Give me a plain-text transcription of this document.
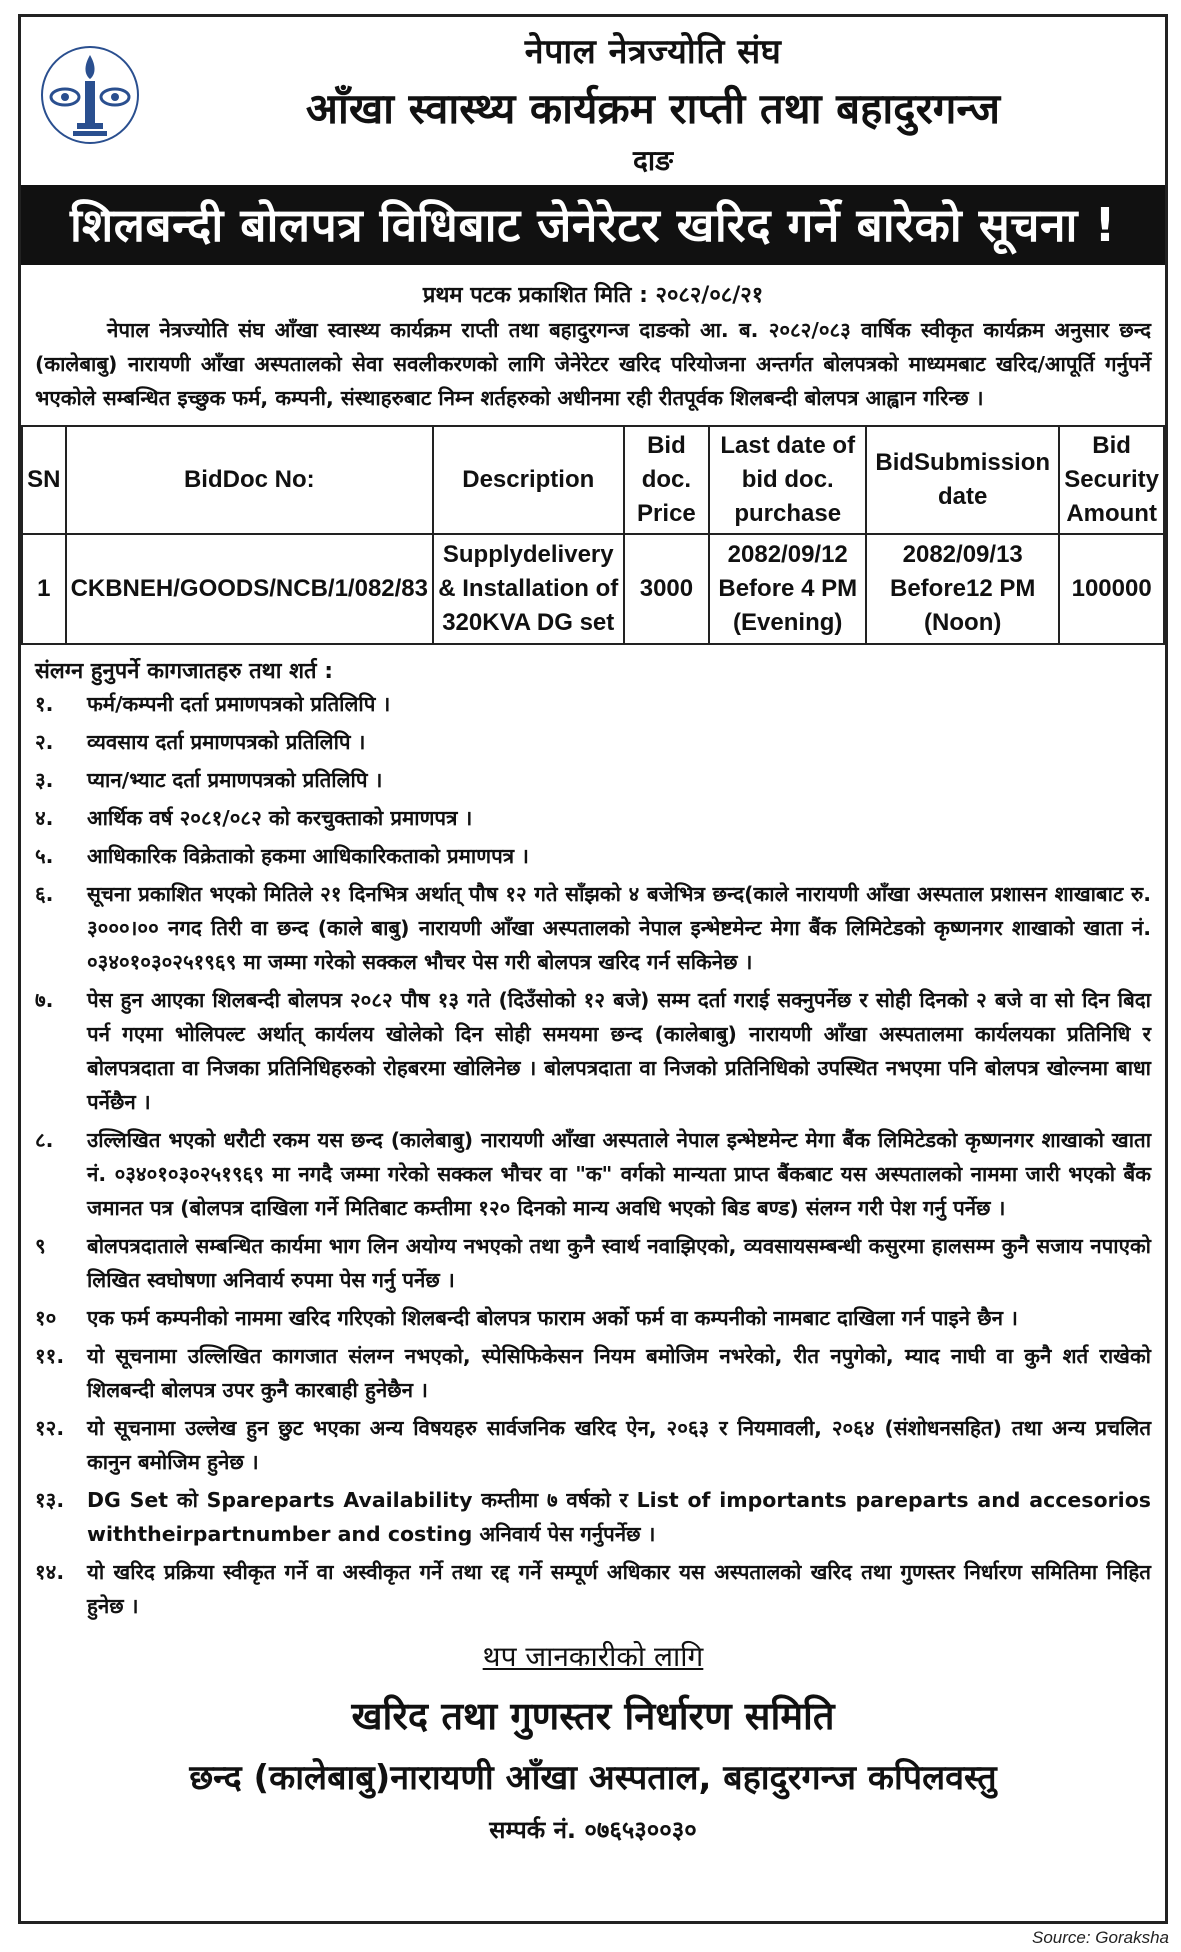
नेपाल नेत्रज्योति संघ
आँखा स्वास्थ्य कार्यक्रम राप्ती तथा बहादुरगन्ज
दाङ
शिलबन्दी बोलपत्र विधिबाट जेनेरेटर खरिद गर्ने बारेको सूचना !
प्रथम पटक प्रकाशित मिति : २०८२/०८/२१
नेपाल नेत्रज्योति संघ आँखा स्वास्थ्य कार्यक्रम राप्ती तथा बहादुरगन्ज दाङको आ. ब. २०८२/०८३ वार्षिक स्वीकृत कार्यक्रम अनुसार छन्द (कालेबाबु) नारायणी आँखा अस्पतालको सेवा सवलीकरणको लागि जेनेरेटर खरिद परियोजना अन्तर्गत बोलपत्रको माध्यमबाट खरिद/आपूर्ति गर्नुपर्ने भएकोले सम्बन्धित इच्छुक फर्म, कम्पनी, संस्थाहरुबाट निम्न शर्तहरुको अधीनमा रही रीतपूर्वक शिलबन्दी बोलपत्र आह्वान गरिन्छ ।
SN	BidDoc No:	Description	Bid doc. Price	Last date of bid doc. purchase	BidSubmission date	Bid Security Amount
1	CKBNEH/GOODS/NCB/1/082/83	Supplydelivery & Installation of 320KVA DG set	3000	2082/09/12 Before 4 PM (Evening)	2082/09/13 Before12 PM (Noon)	100000
संलग्न हुनुपर्ने कागजातहरु तथा शर्त :
१.	फर्म/कम्पनी दर्ता प्रमाणपत्रको प्रतिलिपि ।
२.	व्यवसाय दर्ता प्रमाणपत्रको प्रतिलिपि ।
३.	प्यान/भ्याट दर्ता प्रमाणपत्रको प्रतिलिपि ।
४.	आर्थिक वर्ष २०८१/०८२ को करचुक्ताको प्रमाणपत्र ।
५.	आधिकारिक विक्रेताको हकमा आधिकारिकताको प्रमाणपत्र ।
६.	सूचना प्रकाशित भएको मितिले २१ दिनभित्र अर्थात् पौष १२ गते साँझको ४ बजेभित्र छन्द(काले नारायणी आँखा अस्पताल प्रशासन शाखाबाट रु. ३०००।०० नगद तिरी वा छन्द (काले बाबु) नारायणी आँखा अस्पतालको नेपाल इन्भेष्टमेन्ट मेगा बैंक लिमिटेडको कृष्णनगर शाखाको खाता नं. ०३४०१०३०२५१९६९ मा जम्मा गरेको सक्कल भौचर पेस गरी बोलपत्र खरिद गर्न सकिनेछ ।
७.	पेस हुन आएका शिलबन्दी बोलपत्र २०८२ पौष १३ गते (दिउँसोको १२ बजे) सम्म दर्ता गराई सक्नुपर्नेछ र सोही दिनको २ बजे वा सो दिन बिदा पर्न गएमा भोलिपल्ट अर्थात् कार्यलय खोलेको दिन सोही समयमा छन्द (कालेबाबु) नारायणी आँखा अस्पतालमा कार्यलयका प्रतिनिधि र बोलपत्रदाता वा निजका प्रतिनिधिहरुको रोहबरमा खोलिनेछ । बोलपत्रदाता वा निजको प्रतिनिधिको उपस्थित नभएमा पनि बोलपत्र खोल्नमा बाधा पर्नेछैन ।
८.	उल्लिखित भएको धरौटी रकम यस छन्द (कालेबाबु) नारायणी आँखा अस्पताले नेपाल इन्भेष्टमेन्ट मेगा बैंक लिमिटेडको कृष्णनगर शाखाको खाता नं. ०३४०१०३०२५१९६९ मा नगदै जम्मा गरेको सक्कल भौचर वा "क" वर्गको मान्यता प्राप्त बैंकबाट यस अस्पतालको नाममा जारी भएको बैंक जमानत पत्र (बोलपत्र दाखिला गर्ने मितिबाट कम्तीमा १२० दिनको मान्य अवधि भएको बिड बण्ड) संलग्न गरी पेश गर्नु पर्नेछ ।
९	बोलपत्रदाताले सम्बन्धित कार्यमा भाग लिन अयोग्य नभएको तथा कुनै स्वार्थ नवाझिएको, व्यवसायसम्बन्धी कसुरमा हालसम्म कुनै सजाय नपाएको लिखित स्वघोषणा अनिवार्य रुपमा पेस गर्नु पर्नेछ ।
१०	एक फर्म कम्पनीको नाममा खरिद गरिएको शिलबन्दी बोलपत्र फाराम अर्को फर्म वा कम्पनीको नामबाट दाखिला गर्न पाइने छैन ।
११.	यो सूचनामा उल्लिखित कागजात संलग्न नभएको, स्पेसिफिकेसन नियम बमोजिम नभरेको, रीत नपुगेको, म्याद नाघी वा कुनै शर्त राखेको शिलबन्दी बोलपत्र उपर कुनै कारबाही हुनेछैन ।
१२.	यो सूचनामा उल्लेख हुन छुट भएका अन्य विषयहरु सार्वजनिक खरिद ऐन, २०६३ र नियमावली, २०६४ (संशोधनसहित) तथा अन्य प्रचलित कानुन बमोजिम हुनेछ ।
१३.	DG Set को Spareparts Availability कम्तीमा ७ वर्षको र List of importants pareparts and accesorios withtheirpartnumber and costing अनिवार्य पेस गर्नुपर्नेछ ।
१४.	यो खरिद प्रक्रिया स्वीकृत गर्ने वा अस्वीकृत गर्ने तथा रद्द गर्ने सम्पूर्ण अधिकार यस अस्पतालको खरिद तथा गुणस्तर निर्धारण समितिमा निहित हुनेछ ।
थप जानकारीको लागि
खरिद तथा गुणस्तर निर्धारण समिति
छन्द (कालेबाबु)नारायणी आँखा अस्पताल, बहादुरगन्ज कपिलवस्तु
सम्पर्क नं. ०७६५३००३०
Source: Goraksha
